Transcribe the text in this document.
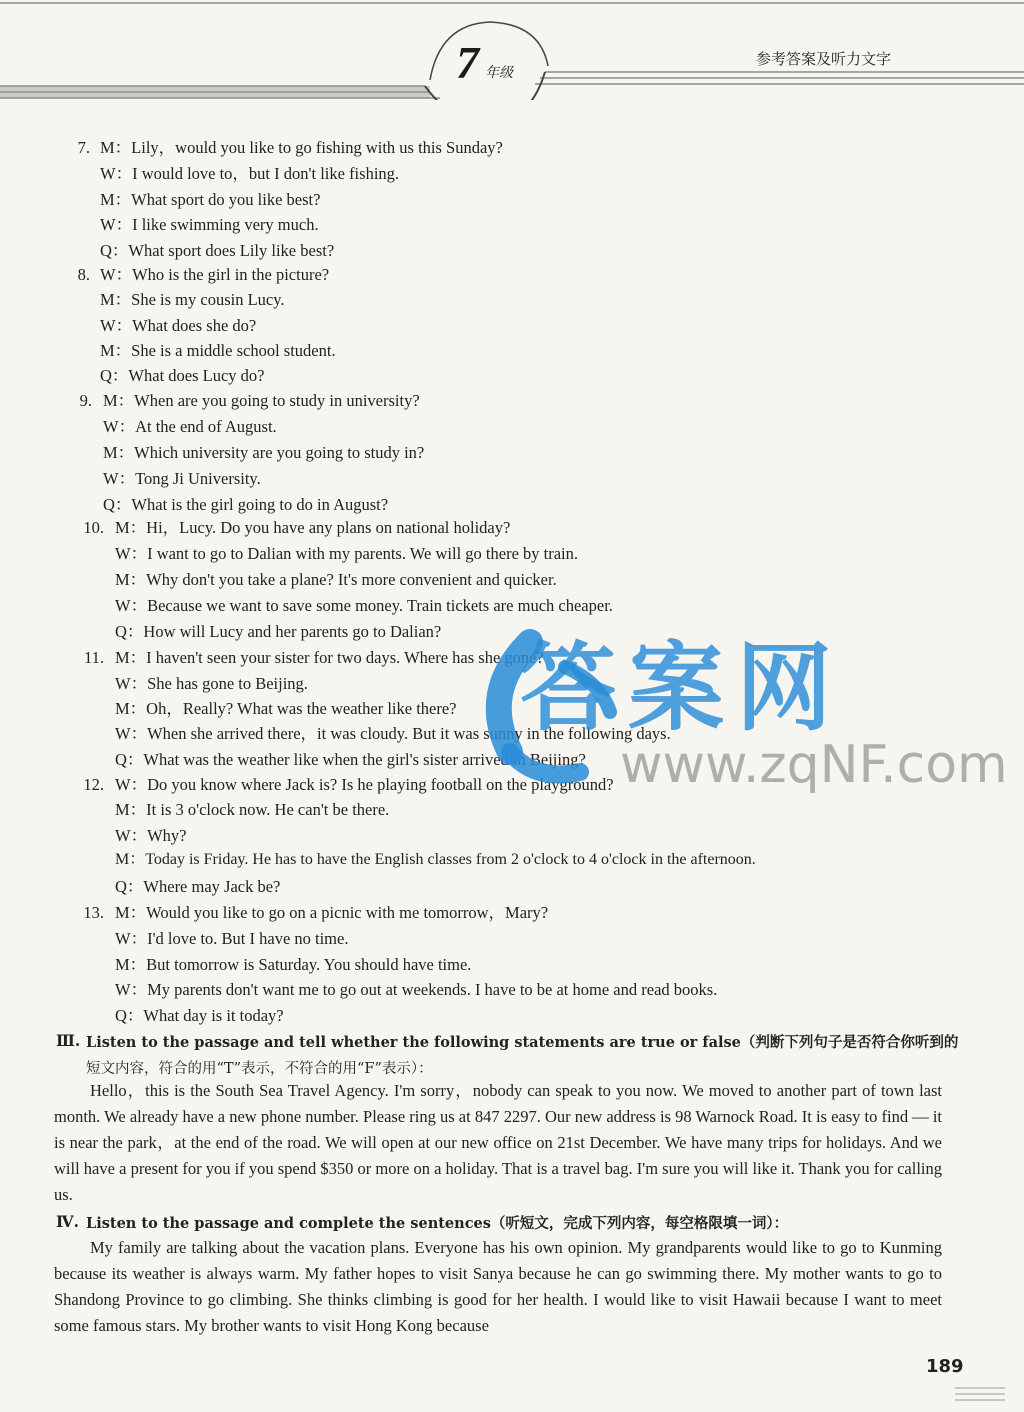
7 年级
参考答案及听力文字
7. M：Lily，would you like to go fishing with us this Sunday?
W：I would love to，but I don't like fishing.
M：What sport do you like best?
W：I like swimming very much.
Q：What sport does Lily like best?
8. W：Who is the girl in the picture?
M：She is my cousin Lucy.
W：What does she do?
M：She is a middle school student.
Q：What does Lucy do?
9. M：When are you going to study in university?
W：At the end of August.
M：Which university are you going to study in?
W：Tong Ji University.
Q：What is the girl going to do in August?
10. M：Hi，Lucy. Do you have any plans on national holiday?
W：I want to go to Dalian with my parents. We will go there by train.
M：Why don't you take a plane? It's more convenient and quicker.
W：Because we want to save some money. Train tickets are much cheaper.
Q：How will Lucy and her parents go to Dalian?
11. M：I haven't seen your sister for two days. Where has she gone?
W：She has gone to Beijing.
M：Oh，Really? What was the weather like there?
W：When she arrived there，it was cloudy. But it was sunny in the following days.
Q：What was the weather like when the girl's sister arrived in Beijing?
12. W：Do you know where Jack is? Is he playing football on the playground?
M：It is 3 o'clock now. He can't be there.
W：Why?
M：Today is Friday. He has to have the English classes from 2 o'clock to 4 o'clock in the afternoon.
Q：Where may Jack be?
13. M：Would you like to go on a picnic with me tomorrow，Mary?
W：I'd love to. But I have no time.
M：But tomorrow is Saturday. You should have time.
W：My parents don't want me to go out at weekends. I have to be at home and read books.
Q：What day is it today?
Ⅲ. Listen to the passage and tell whether the following statements are true or false（判断下列句子是否符合你听到的
短文内容，符合的用“T”表示，不符合的用“F”表示）：
Hello，this is the South Sea Travel Agency. I'm sorry，nobody can speak to you now. We moved to another part of town last month. We already have a new phone number. Please ring us at 847 2297. Our new address is 98 Warnock Road. It is easy to find — it is near the park，at the end of the road. We will open at our new office on 21st December. We have many trips for holidays. And we will have a present for you if you spend $350 or more on a holiday. That is a travel bag. I'm sure you will like it. Thank you for calling us.
Ⅳ. Listen to the passage and complete the sentences（听短文，完成下列内容，每空格限填一词）：
My family are talking about the vacation plans. Everyone has his own opinion. My grandparents would like to go to Kunming because its weather is always warm. My father hopes to visit Sanya because he can go swimming there. My mother wants to go to Shandong Province to go climbing. She thinks climbing is good for her health. I would like to visit Hawaii because I want to meet some famous stars. My brother wants to visit Hong Kong because
答案网
www.zqNF.com
189
